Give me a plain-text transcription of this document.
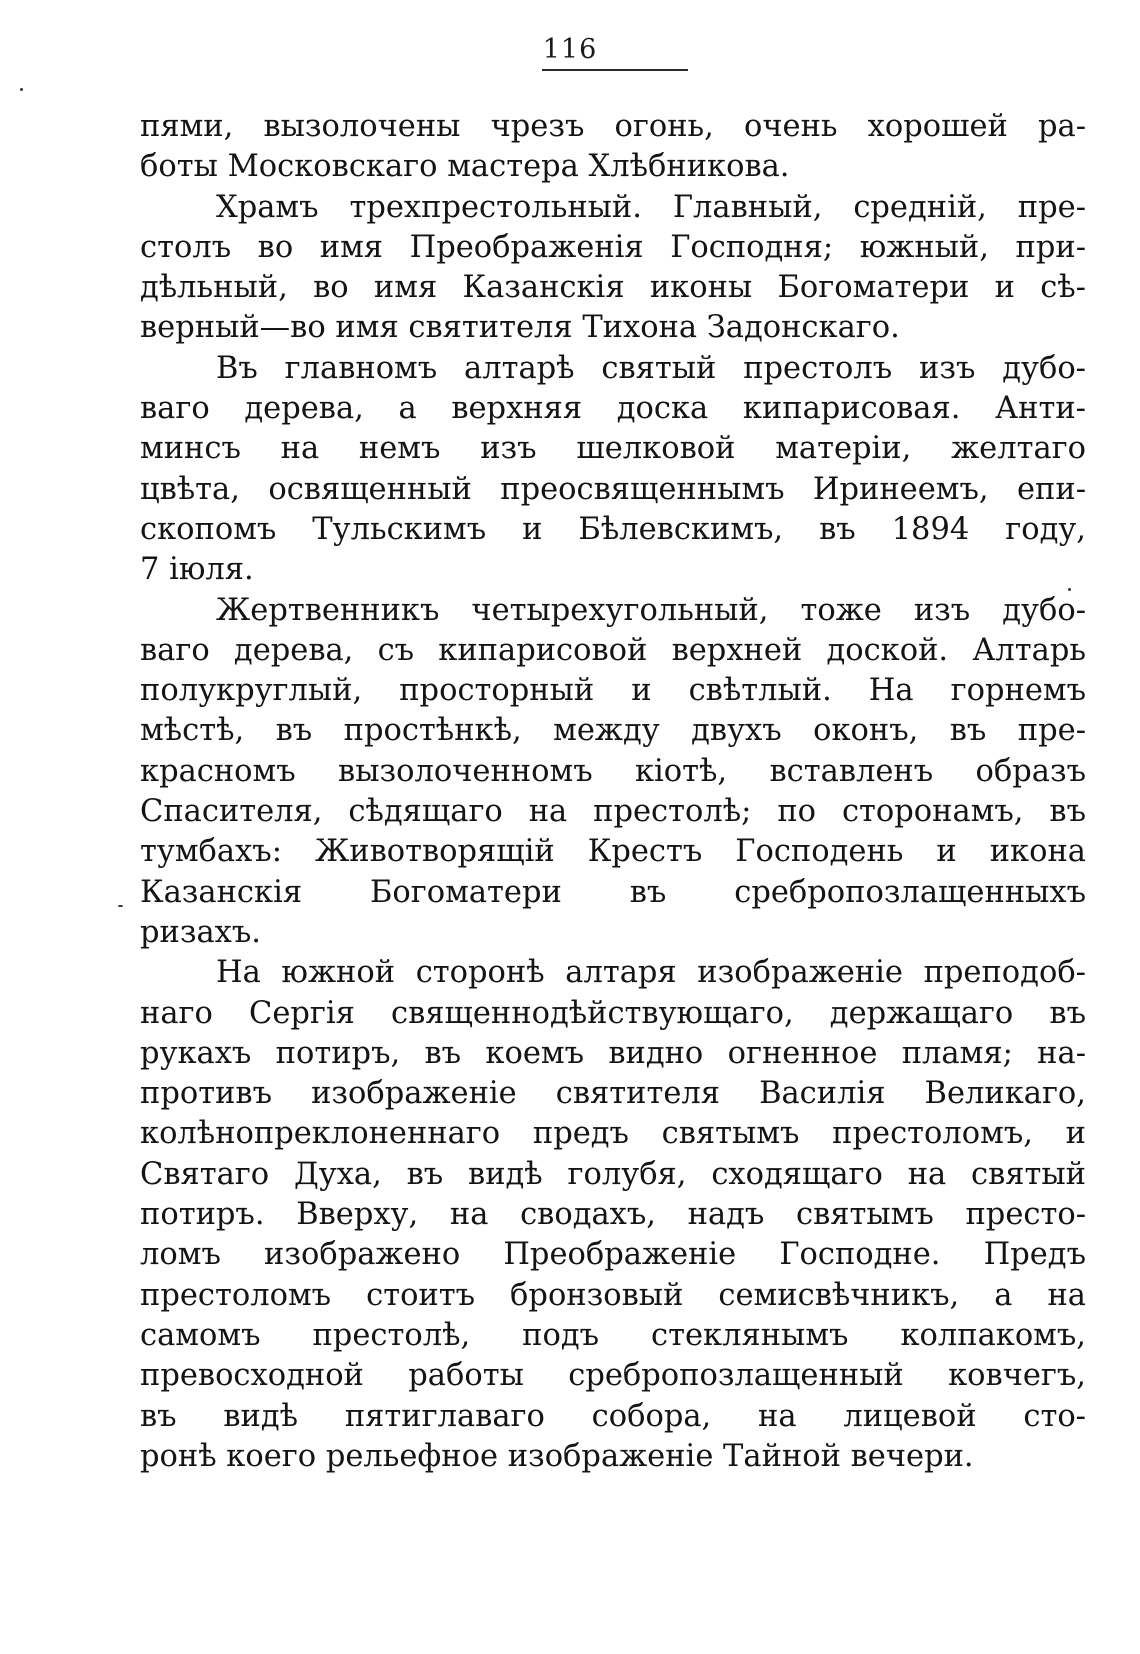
116
пями, вызолочены чрезъ огонь, очень хорошей ра-
боты Московскаго мастера Хлѣбникова.
Храмъ трехпрестольный. Главный, среднiй, пре-
столъ во имя Преображенiя Господня; южный, при-
дѣльный, во имя Казанскiя иконы Богоматери и сѣ-
верный—во имя святителя Тихона Задонскаго.
Въ главномъ алтарѣ святый престолъ изъ дубо-
ваго дерева, а верхняя доска кипарисовая. Анти-
минсъ на немъ изъ шелковой матерiи, желтаго
цвѣта, освященный преосвященнымъ Иринеемъ, епи-
скопомъ Тульскимъ и Бѣлевскимъ, въ 1894 году,
7 iюля.
Жертвенникъ четырехугольный, тоже изъ дубо-
ваго дерева, съ кипарисовой верхней доской. Алтарь
полукруглый, просторный и свѣтлый. На горнемъ
мѣстѣ, въ простѣнкѣ, между двухъ оконъ, въ пре-
красномъ вызолоченномъ кiотѣ, вставленъ образъ
Спасителя, сѣдящаго на престолѣ; по сторонамъ, въ
тумбахъ: Животворящiй Крестъ Господень и икона
Казанскiя Богоматери въ сребропозлащенныхъ
ризахъ.
На южной сторонѣ алтаря изображенiе преподоб-
наго Сергiя священнодѣйствующаго, держащаго въ
рукахъ потиръ, въ коемъ видно огненное пламя; на-
противъ изображенiе святителя Василiя Великаго,
колѣнопреклоненнаго предъ святымъ престоломъ, и
Святаго Духа, въ видѣ голубя, сходящаго на святый
потиръ. Вверху, на сводахъ, надъ святымъ престо-
ломъ изображено Преображенiе Господне. Предъ
престоломъ стоитъ бронзовый семисвѣчникъ, а на
самомъ престолѣ, подъ стеклянымъ колпакомъ,
превосходной работы сребропозлащенный ковчегъ,
въ видѣ пятиглаваго собора, на лицевой сто-
ронѣ коего рельефное изображенiе Тайной вечери.
